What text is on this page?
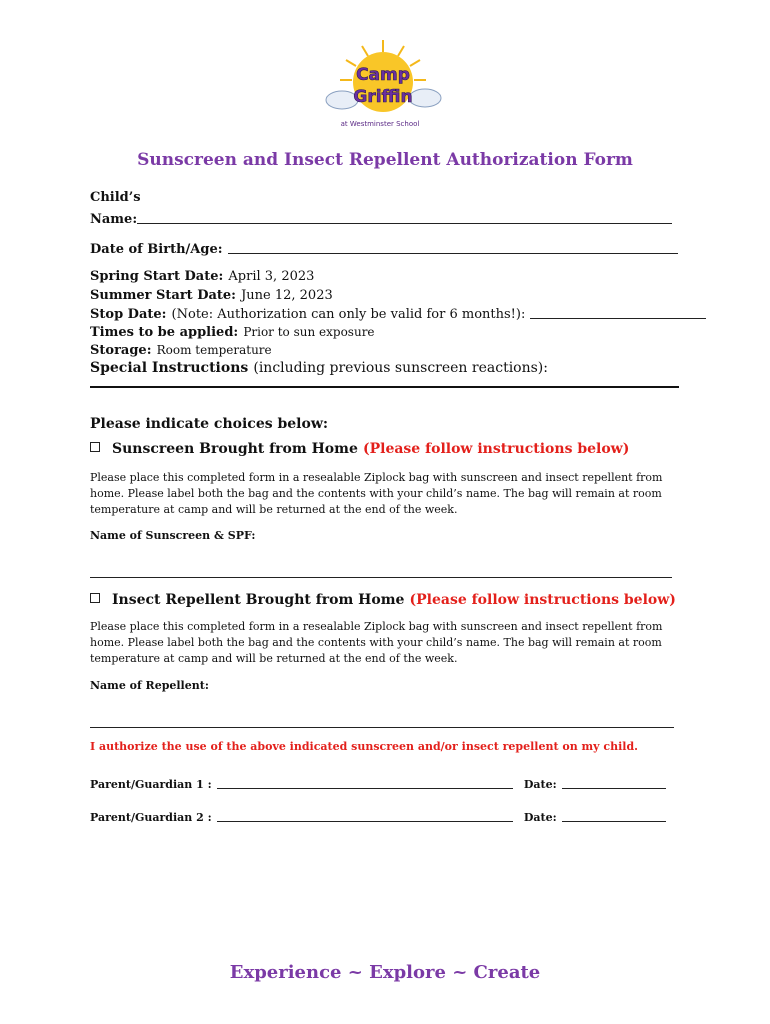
Camp
Griffin
at Westminster School
Sunscreen and Insect Repellent Authorization Form
Child’s
Name:
Date of Birth/Age:
Spring Start Date: April 3, 2023
Summer Start Date: June 12, 2023
Stop Date: (Note: Authorization can only be valid for 6 months!):
Times to be applied: Prior to sun exposure
Storage: Room temperature
Special Instructions (including previous sunscreen reactions):
Please indicate choices below:
Sunscreen Brought from Home (Please follow instructions below)
Please place this completed form in a resealable Ziplock bag with sunscreen and insect repellent from
home. Please label both the bag and the contents with your child’s name. The bag will remain at room
temperature at camp and will be returned at the end of the week.
Name of Sunscreen & SPF:
Insect Repellent Brought from Home (Please follow instructions below)
Please place this completed form in a resealable Ziplock bag with sunscreen and insect repellent from
home. Please label both the bag and the contents with your child’s name. The bag will remain at room
temperature at camp and will be returned at the end of the week.
Name of Repellent:
I authorize the use of the above indicated sunscreen and/or insect repellent on my child.
Parent/Guardian 1 :	Date:
Parent/Guardian 2 :	Date:
Experience ~ Explore ~ Create
